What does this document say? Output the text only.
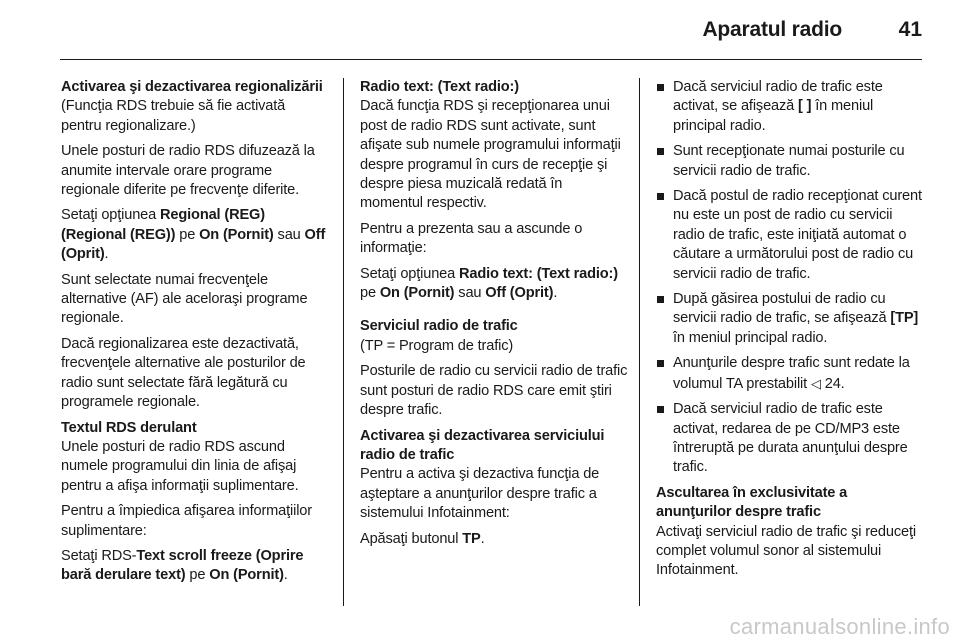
Aparatul radio	41
Activarea şi dezactivarea regionalizării

(Funcţia RDS trebuie să fie activată pentru regionalizare.)

Unele posturi de radio RDS difuzează la anumite intervale orare programe regionale diferite pe frecvenţe diferite.

Setaţi opţiunea Regional (REG) (Regional (REG)) pe On (Pornit) sau Off (Oprit).

Sunt selectate numai frecvenţele alternative (AF) ale aceloraşi programe regionale.

Dacă regionalizarea este dezactivată, frecvenţele alternative ale posturilor de radio sunt selectate fără legătură cu programele regionale.

Textul RDS derulant

Unele posturi de radio RDS ascund numele programului din linia de afişaj pentru a afişa informaţii suplimentare.

Pentru a împiedica afişarea informaţiilor suplimentare:

Setaţi RDS-Text scroll freeze (Oprire bară derulare text) pe On (Pornit).

Radio text: (Text radio:)

Dacă funcţia RDS şi recepţionarea unui post de radio RDS sunt activate, sunt afişate sub numele programului informaţii despre programul în curs de recepţie şi despre piesa muzicală redată în momentul respectiv.

Pentru a prezenta sau a ascunde o informaţie:

Setaţi opţiunea Radio text: (Text radio:) pe On (Pornit) sau Off (Oprit).

Serviciul radio de trafic

(TP = Program de trafic)

Posturile de radio cu servicii radio de trafic sunt posturi de radio RDS care emit ştiri despre trafic.

Activarea şi dezactivarea serviciului radio de trafic

Pentru a activa şi dezactiva funcţia de aşteptare a anunţurilor despre trafic a sistemului Infotainment:

Apăsaţi butonul TP.

Dacă serviciul radio de trafic este activat, se afişează [ ] în meniul principal radio.
Sunt recepţionate numai posturile cu servicii radio de trafic.
Dacă postul de radio recepţionat curent nu este un post de radio cu servicii radio de trafic, este iniţiată automat o căutare a următorului post de radio cu servicii radio de trafic.
După găsirea postului de radio cu servicii radio de trafic, se afişează [TP] în meniul principal radio.
Anunţurile despre trafic sunt redate la volumul TA prestabilit ◁ 24.
Dacă serviciul radio de trafic este activat, redarea de pe CD/MP3 este întreruptă pe durata anunţului despre trafic.
Ascultarea în exclusivitate a anunţurilor despre trafic

Activaţi serviciul radio de trafic şi reduceţi complet volumul sonor al sistemului Infotainment.

carmanualsonline.info
